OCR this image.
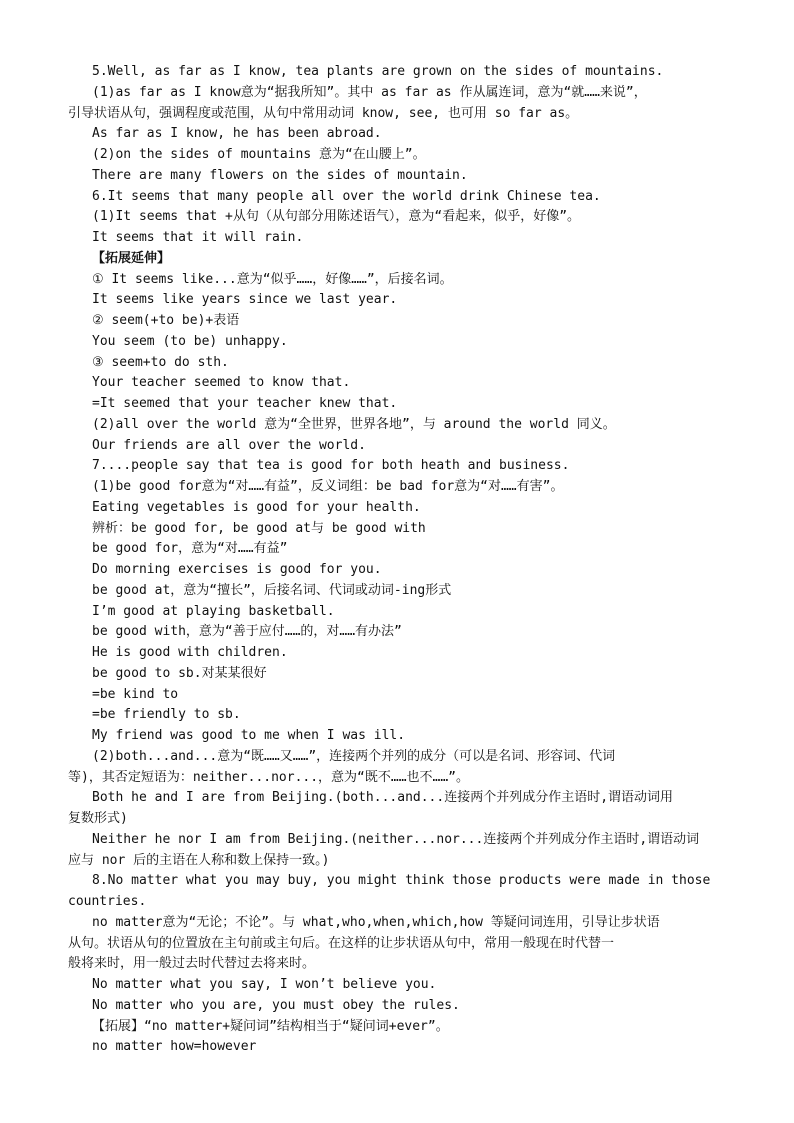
5.Well, as far as I know, tea plants are grown on the sides of mountains.
(1)as far as I know意为“据我所知”。其中 as far as 作从属连词，意为“就……来说”，
引导状语从句，强调程度或范围，从句中常用动词 know, see, 也可用 so far as。
As far as I know, he has been abroad.
(2)on the sides of mountains 意为“在山腰上”。
There are many flowers on the sides of mountain.
6.It seems that many people all over the world drink Chinese tea.
(1)It seems that +从句（从句部分用陈述语气），意为“看起来，似乎，好像”。
It seems that it will rain.
【拓展延伸】
① It seems like...意为“似乎……，好像……”，后接名词。
It seems like years since we last year.
② seem(+to be)+表语
You seem (to be) unhappy.
③ seem+to do sth.
Your teacher seemed to know that.
=It seemed that your teacher knew that.
(2)all over the world 意为“全世界，世界各地”，与 around the world 同义。
Our friends are all over the world.
7....people say that tea is good for both heath and business.
(1)be good for意为“对……有益”，反义词组：be bad for意为“对……有害”。
Eating vegetables is good for your health.
辨析：be good for, be good at与 be good with
be good for，意为“对……有益”
Do morning exercises is good for you.
be good at，意为“擅长”，后接名词、代词或动词-ing形式
I’m good at playing basketball.
be good with，意为“善于应付……的，对……有办法”
He is good with children.
be good to sb.对某某很好
=be kind to
=be friendly to sb.
My friend was good to me when I was ill.
(2)both...and...意为“既……又……”，连接两个并列的成分（可以是名词、形容词、代词
等)，其否定短语为：neither...nor...，意为“既不……也不……”。
Both he and I are from Beijing.(both...and...连接两个并列成分作主语时,谓语动词用
复数形式)
Neither he nor I am from Beijing.(neither...nor...连接两个并列成分作主语时,谓语动词
应与 nor 后的主语在人称和数上保持一致。)
8.No matter what you may buy, you might think those products were made in those
countries.
no matter意为“无论；不论”。与 what,who,when,which,how 等疑问词连用，引导让步状语
从句。状语从句的位置放在主句前或主句后。在这样的让步状语从句中，常用一般现在时代替一
般将来时，用一般过去时代替过去将来时。
No matter what you say, I won’t believe you.
No matter who you are, you must obey the rules.
【拓展】“no matter+疑问词”结构相当于“疑问词+ever”。
no matter how=however
